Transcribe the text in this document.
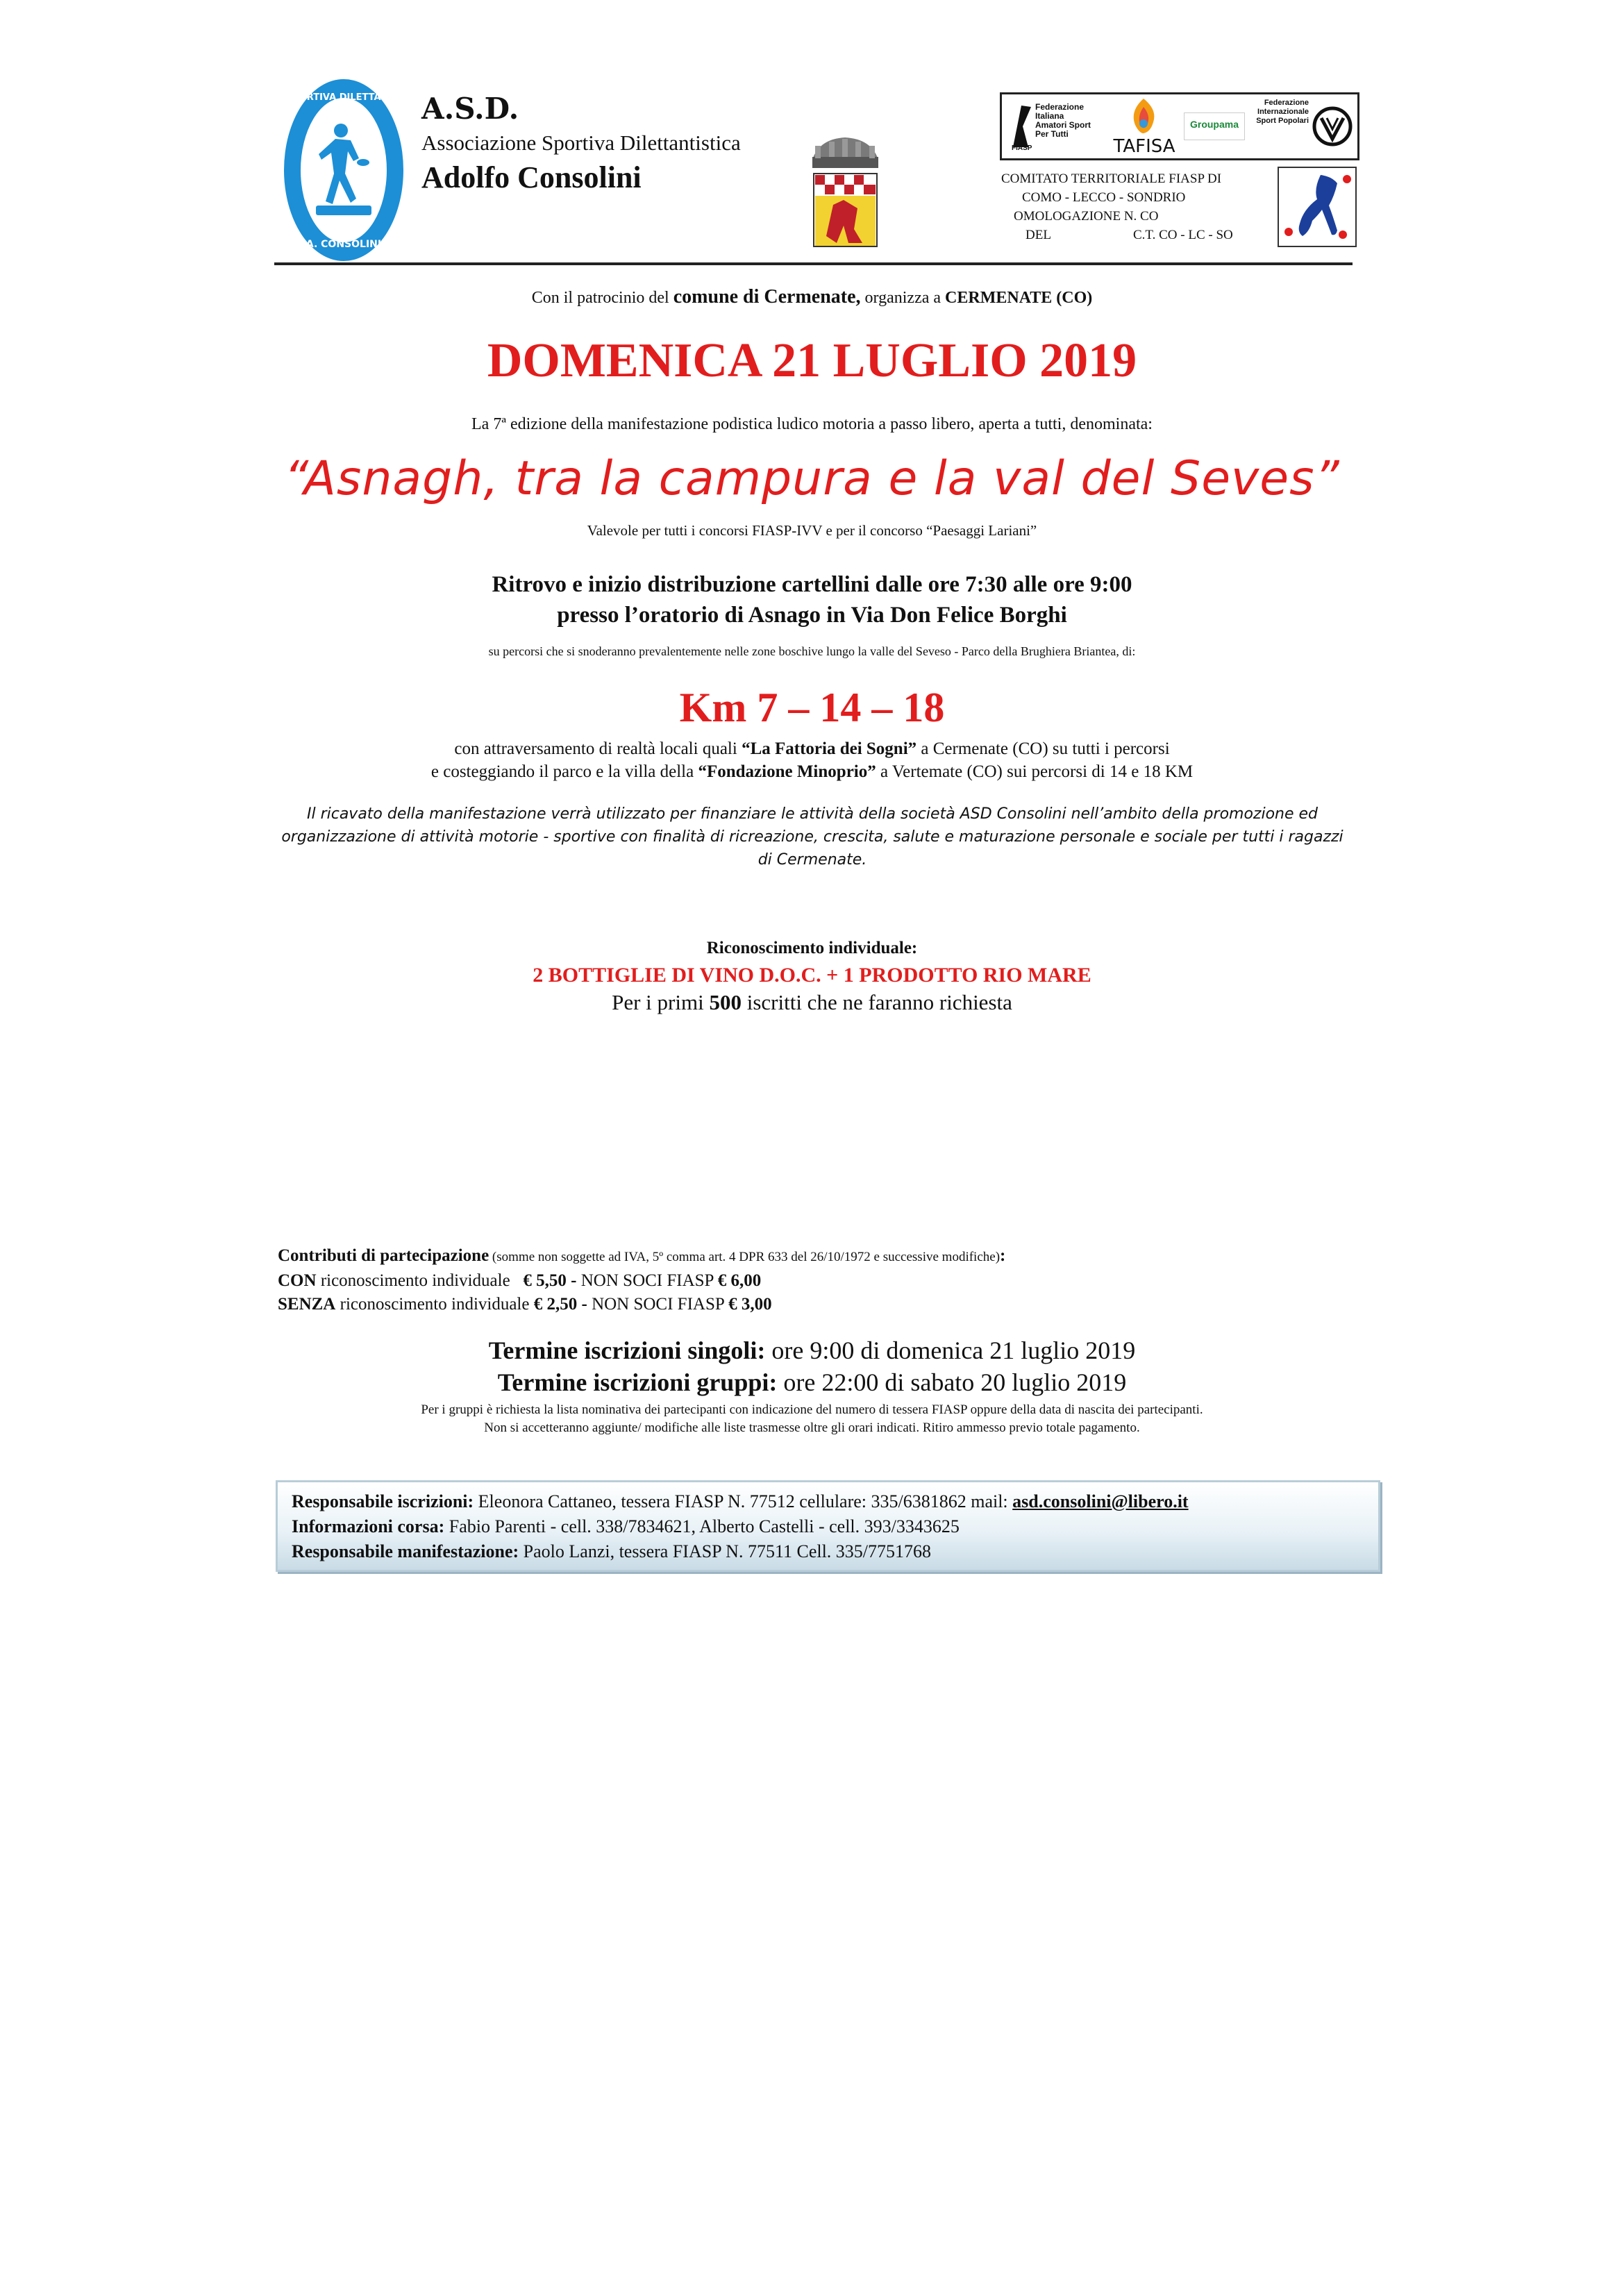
ASS. SPORTIVA DILETTANTISTICA
A. CONSOLINI
A.S.D.
Associazione Sportiva Dilettantistica
Adolfo Consolini
Federazione Italiana Amatori Sport Per Tutti
FIASP	TAFISA
Groupama
Federazione Internazionale Sport Popolari
COMITATO TERRITORIALE FIASP DI
COMO - LECCO - SONDRIO
OMOLOGAZIONE N. CO
DEL	C.T. CO - LC - SO
Con il patrocinio del comune di Cermenate, organizza a CERMENATE (CO)
DOMENICA 21 LUGLIO 2019
La 7ª edizione della manifestazione podistica ludico motoria a passo libero, aperta a tutti, denominata:
“Asnagh, tra la campura e la val del Seves”
Valevole per tutti i concorsi FIASP-IVV e per il concorso “Paesaggi Lariani”
Ritrovo e inizio distribuzione cartellini dalle ore 7:30 alle ore 9:00
presso l’oratorio di Asnago in Via Don Felice Borghi
su percorsi che si snoderanno prevalentemente nelle zone boschive lungo la valle del Seveso - Parco della Brughiera Briantea, di:
Km 7 – 14 – 18
con attraversamento di realtà locali quali “La Fattoria dei Sogni” a Cermenate (CO) su tutti i percorsi
e costeggiando il parco e la villa della “Fondazione Minoprio” a Vertemate (CO) sui percorsi di 14 e 18 KM
Il ricavato della manifestazione verrà utilizzato per finanziare le attività della società ASD Consolini nell’ambito della promozione ed organizzazione di attività motorie - sportive con finalità di ricreazione, crescita, salute e maturazione personale e sociale per tutti i ragazzi di Cermenate.
Riconoscimento individuale:
2 BOTTIGLIE DI VINO D.O.C. + 1 PRODOTTO RIO MARE
Per i primi 500 iscritti che ne faranno richiesta
Contributi di partecipazione (somme non soggette ad IVA, 5º comma art. 4 DPR 633 del 26/10/1972 e successive modifiche):
CON riconoscimento individuale   € 5,50 - NON SOCI FIASP € 6,00
SENZA riconoscimento individuale € 2,50 - NON SOCI FIASP € 3,00
Termine iscrizioni singoli: ore 9:00 di domenica 21 luglio 2019
Termine iscrizioni gruppi: ore 22:00 di sabato 20 luglio 2019
Per i gruppi è richiesta la lista nominativa dei partecipanti con indicazione del numero di tessera FIASP oppure della data di nascita dei partecipanti.
Non si accetteranno aggiunte/ modifiche alle liste trasmesse oltre gli orari indicati. Ritiro ammesso previo totale pagamento.
Responsabile iscrizioni: Eleonora Cattaneo, tessera FIASP N. 77512 cellulare: 335/6381862 mail: asd.consolini@libero.it
Informazioni corsa: Fabio Parenti - cell. 338/7834621, Alberto Castelli - cell. 393/3343625
Responsabile manifestazione: Paolo Lanzi, tessera FIASP N. 77511 Cell. 335/7751768
